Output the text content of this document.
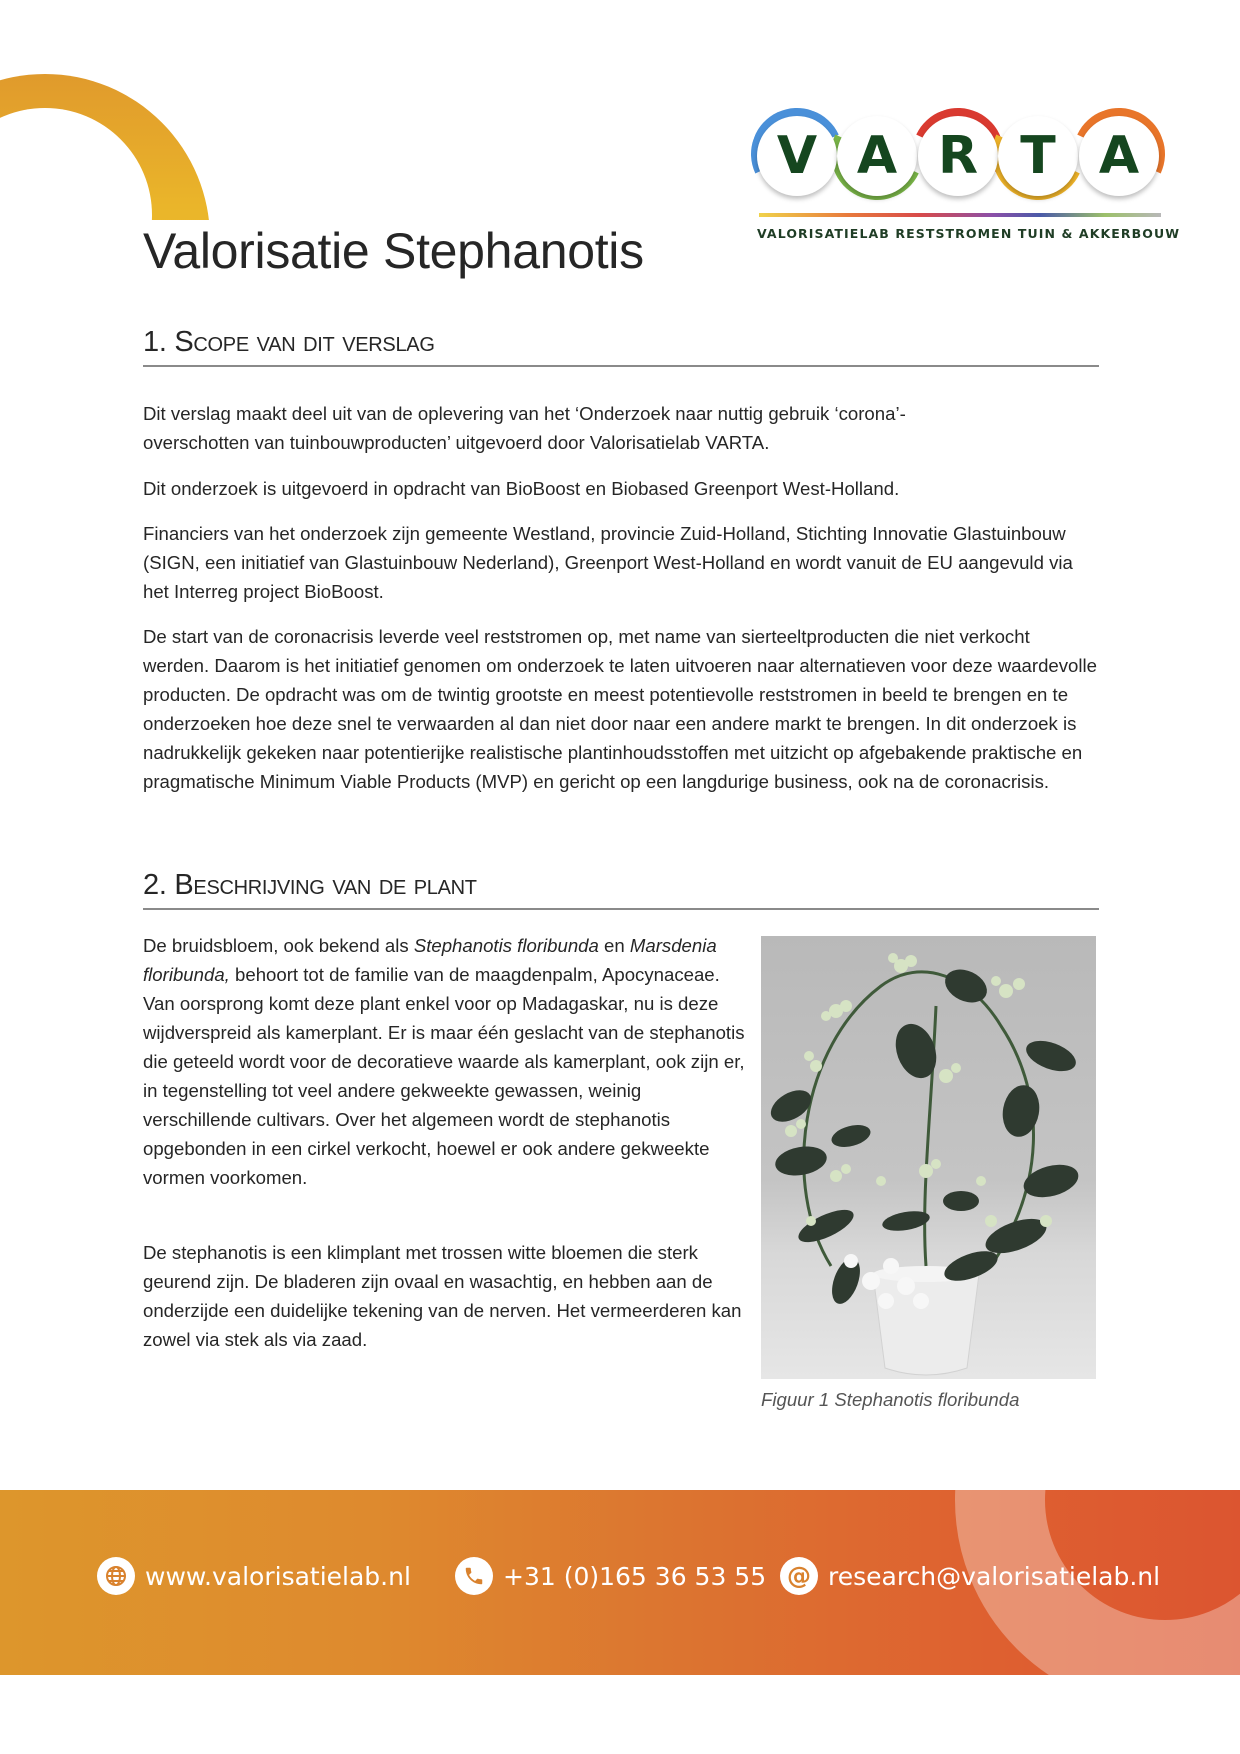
V A R T A
VALORISATIELAB RESTSTROMEN TUIN & AKKERBOUW
Valorisatie Stephanotis
1. Scope van dit verslag

Dit verslag maakt deel uit van de oplevering van het ‘Onderzoek naar nuttig gebruik ‘corona’-overschotten van tuinbouwproducten’ uitgevoerd door Valorisatielab VARTA.

Dit onderzoek is uitgevoerd in opdracht van BioBoost en Biobased Greenport West-Holland.

Financiers van het onderzoek zijn gemeente Westland, provincie Zuid-Holland, Stichting Innovatie Glastuinbouw (SIGN, een initiatief van Glastuinbouw Nederland), Greenport West-Holland en wordt vanuit de EU aangevuld via het Interreg project BioBoost.

De start van de coronacrisis leverde veel reststromen op, met name van sierteeltproducten die niet verkocht werden. Daarom is het initiatief genomen om onderzoek te laten uitvoeren naar alternatieven voor deze waardevolle producten. De opdracht was om de twintig grootste en meest potentievolle reststromen in beeld te brengen en te onderzoeken hoe deze snel te verwaarden al dan niet door naar een andere markt te brengen. In dit onderzoek is nadrukkelijk gekeken naar potentierijke realistische plantinhoudsstoffen met uitzicht op afgebakende praktische en pragmatische Minimum Viable Products (MVP) en gericht op een langdurige business, ook na de coronacrisis.

2. Beschrijving van de plant

De bruidsbloem, ook bekend als Stephanotis floribunda en Marsdenia floribunda, behoort tot de familie van de maagdenpalm, Apocynaceae. Van oorsprong komt deze plant enkel voor op Madagaskar, nu is deze wijdverspreid als kamerplant. Er is maar één geslacht van de stephanotis die geteeld wordt voor de decoratieve waarde als kamerplant, ook zijn er, in tegenstelling tot veel andere gekweekte gewassen, weinig verschillende cultivars. Over het algemeen wordt de stephanotis opgebonden in een cirkel verkocht, hoewel er ook andere gekweekte vormen voorkomen.

De stephanotis is een klimplant met trossen witte bloemen die sterk geurend zijn. De bladeren zijn ovaal en wasachtig, en hebben aan de onderzijde een duidelijke tekening van de nerven. Het vermeerderen kan zowel via stek als via zaad.

Figuur 1 Stephanotis floribunda

www.valorisatielab.nl	+31 (0)165 36 53 55 @ research@valorisatielab.nl
